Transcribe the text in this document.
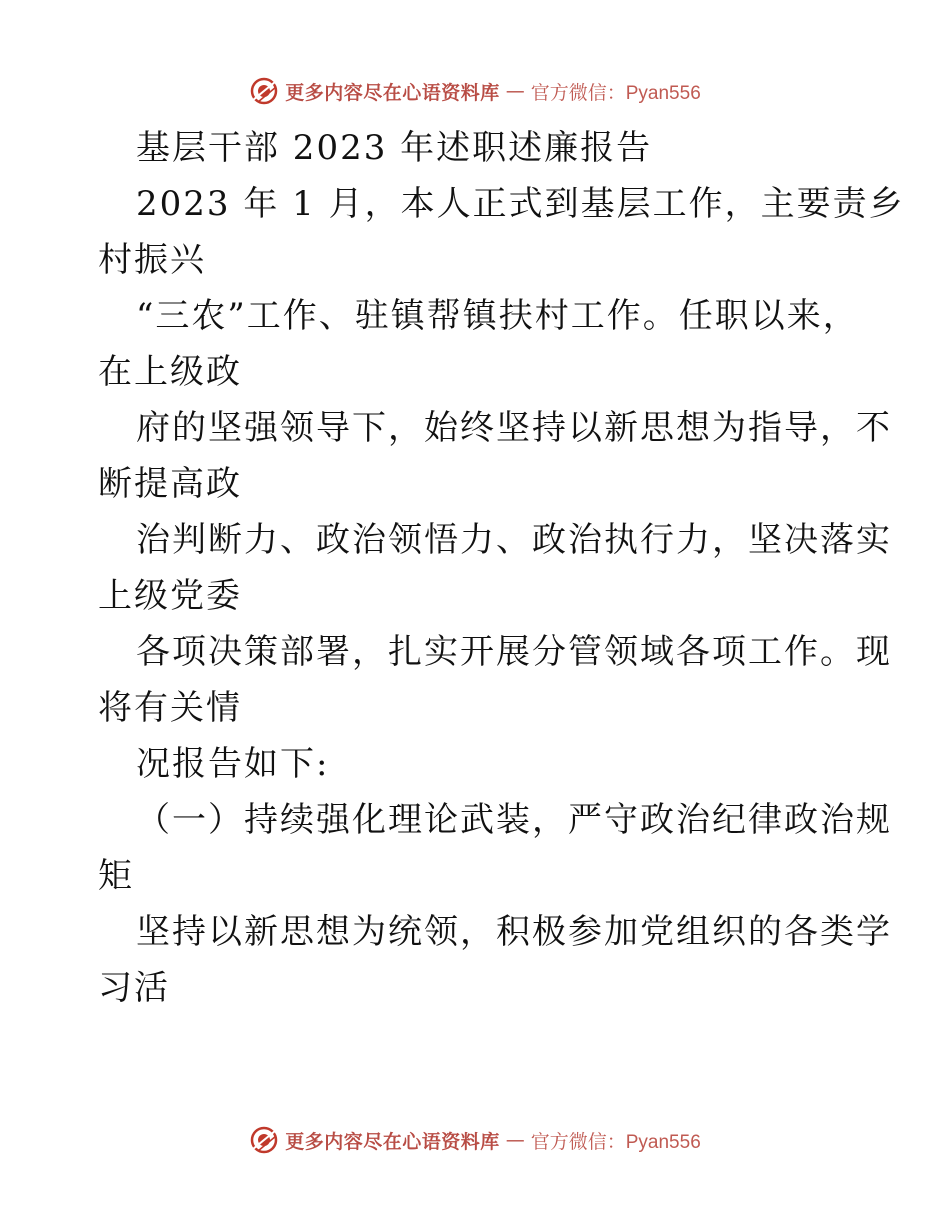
更多内容尽在心语资料库 — 官方微信：Pyan556
基层干部 2023 年述职述廉报告
2023 年 1 月，本人正式到基层工作，主要责乡
村振兴
“三农”工作、驻镇帮镇扶村工作。任职以来，
在上级政
府的坚强领导下，始终坚持以新思想为指导，不
断提高政
治判断力、政治领悟力、政治执行力，坚决落实
上级党委
各项决策部署，扎实开展分管领域各项工作。现
将有关情
况报告如下:
（一）持续强化理论武装，严守政治纪律政治规
矩
坚持以新思想为统领，积极参加党组织的各类学
习活
更多内容尽在心语资料库 — 官方微信：Pyan556
